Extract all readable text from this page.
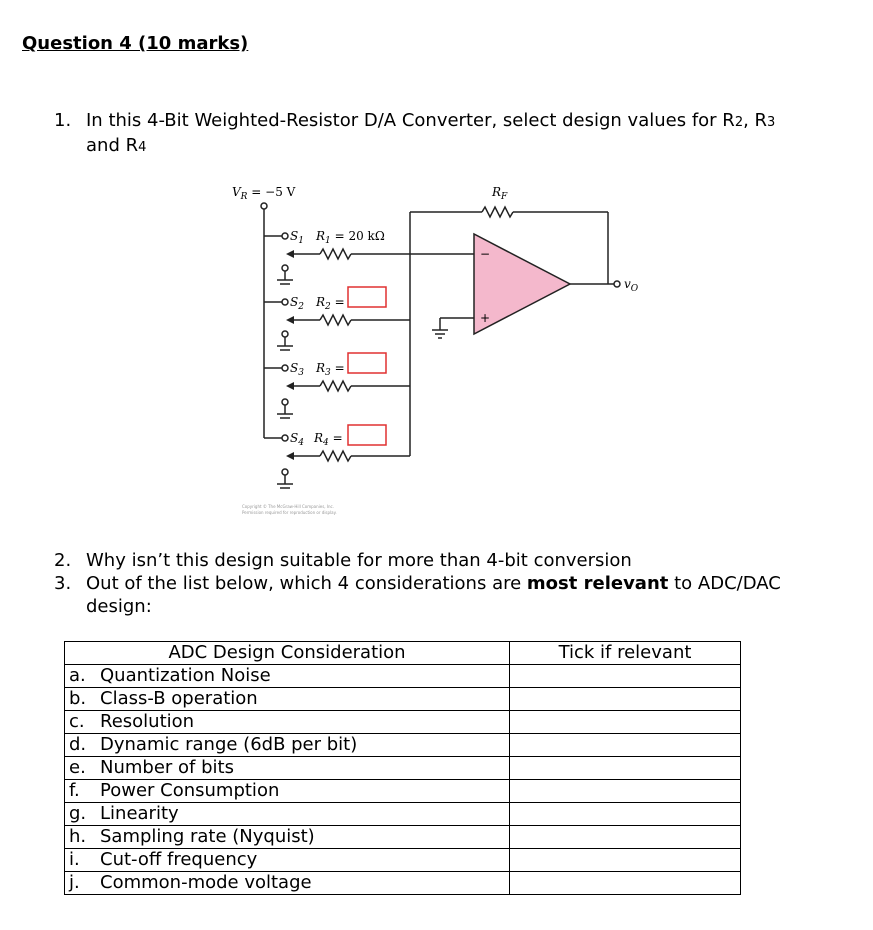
Question 4 (10 marks)
1. In this 4-Bit Weighted-Resistor D/A Converter, select design values for R2, R3
and R4
−
+
$V_R = -5$ V	$R_F$
$v_O$
$S_1$
$S_2$
$S_3$
$S_4$
$R_1 = 20$ kΩ
$R_2$ =
$R_3$ =
$R_4$ =
Copyright © The McGraw-Hill Companies, Inc.
Permission required for reproduction or display.
2. Why isn’t this design suitable for more than 4-bit conversion
3. Out of the list below, which 4 considerations are most relevant to ADC/DAC design:
ADC Design Consideration	Tick if relevant
a. Quantization Noise	
b. Class-B operation	
c. Resolution	
d. Dynamic range (6dB per bit)	
e. Number of bits	
f. Power Consumption	
g. Linearity	
h. Sampling rate (Nyquist)	
i. Cut-off frequency	
j. Common-mode voltage	
